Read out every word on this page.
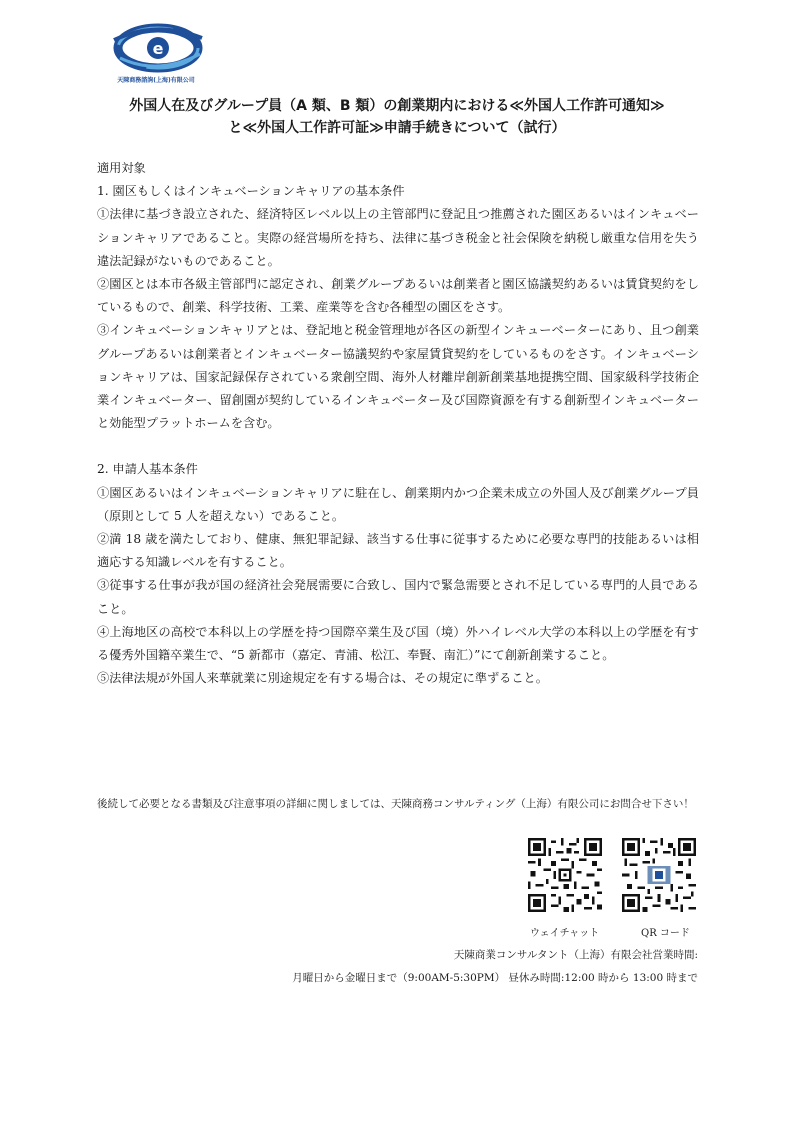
e
天陳商務諮詢(上海)有限公司
外国人在及びグループ員（A 類、B 類）の創業期内における≪外国人工作許可通知≫
と≪外国人工作許可証≫申請手続きについて（試行）

適用対象

1. 園区もしくはインキュベーションキャリアの基本条件

①法律に基づき設立された、経済特区レベル以上の主管部門に登記且つ推薦された園区あるいはインキュベーションキャリアであること。実際の経営場所を持ち、法律に基づき税金と社会保険を納税し厳重な信用を失う違法記録がないものであること。

②園区とは本市各級主管部門に認定され、創業グループあるいは創業者と園区協議契約あるいは賃貸契約をしているもので、創業、科学技術、工業、産業等を含む各種型の園区をさす。

③インキュベーションキャリアとは、登記地と税金管理地が各区の新型インキューベーターにあり、且つ創業グループあるいは創業者とインキュベーター協議契約や家屋賃貸契約をしているものをさす。インキュベーションキャリアは、国家記録保存されている衆創空間、海外人材離岸創新創業基地提携空間、国家級科学技術企業インキュベーター、留創園が契約しているインキュベーター及び国際資源を有する創新型インキュベーターと効能型プラットホームを含む。

2. 申請人基本条件

①園区あるいはインキュベーションキャリアに駐在し、創業期内かつ企業未成立の外国人及び創業グループ員（原則として 5 人を超えない）であること。

②満 18 歳を満たしており、健康、無犯罪記録、該当する仕事に従事するために必要な専門的技能あるいは相適応する知識レベルを有すること。

③従事する仕事が我が国の経済社会発展需要に合致し、国内で緊急需要とされ不足している専門的人員であること。

④上海地区の高校で本科以上の学歴を持つ国際卒業生及び国（境）外ハイレベル大学の本科以上の学歴を有する優秀外国籍卒業生で、“5 新都市（嘉定、青浦、松江、奉賢、南汇）”にて創新創業すること。

⑤法律法規が外国人来華就業に別途規定を有する場合は、その規定に準ずること。

後続して必要となる書類及び注意事項の詳細に関しましては、天陳商務コンサルティング（上海）有限公司にお問合せ下さい！

ウェイチャット	QR コード
天陳商業コンサルタント（上海）有限会社営業時間:
月曜日から金曜日まで（9:00AM-5:30PM） 昼休み時間:12:00 時から 13:00 時まで
